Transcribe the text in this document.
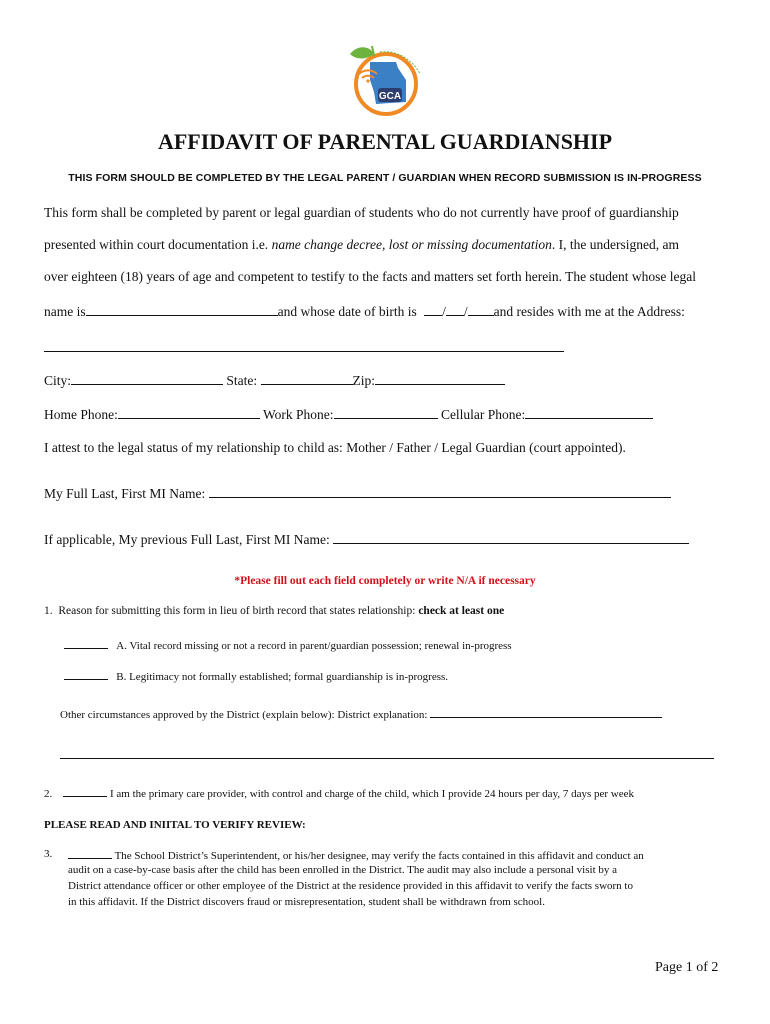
GCA
AFFIDAVIT OF PARENTAL GUARDIANSHIP
THIS FORM SHOULD BE COMPLETED BY THE LEGAL PARENT / GUARDIAN WHEN RECORD SUBMISSION IS IN-PROGRESS
This form shall be completed by parent or legal guardian of students who do not currently have proof of guardianship
presented within court documentation i.e. name change decree, lost or missing documentation. I, the undersigned, am
over eighteen (18) years of age and competent to testify to the facts and matters set forth herein. The student whose legal
name is	and whose date of birth is / / and resides with me at the Address:
City:	State:	Zip:
Home Phone:	Work Phone:	Cellular Phone:
I attest to the legal status of my relationship to child as: Mother / Father / Legal Guardian (court appointed).
My Full Last, First MI Name:
If applicable, My previous Full Last, First MI Name:
*Please fill out each field completely or write N/A if necessary
1. Reason for submitting this form in lieu of birth record that states relationship: check at least one
A. Vital record missing or not a record in parent/guardian possession; renewal in-progress
B. Legitimacy not formally established; formal guardianship is in-progress.
Other circumstances approved by the District (explain below): District explanation:
2.	I am the primary care provider, with control and charge of the child, which I provide 24 hours per day, 7 days per week
PLEASE READ AND INIITAL TO VERIFY REVIEW:
3.	The School District’s Superintendent, or his/her designee, may verify the facts contained in this affidavit and conduct an
audit on a case-by-case basis after the child has been enrolled in the District. The audit may also include a personal visit by a
District attendance officer or other employee of the District at the residence provided in this affidavit to verify the facts sworn to
in this affidavit. If the District discovers fraud or misrepresentation, student shall be withdrawn from school.
Page 1 of 2
